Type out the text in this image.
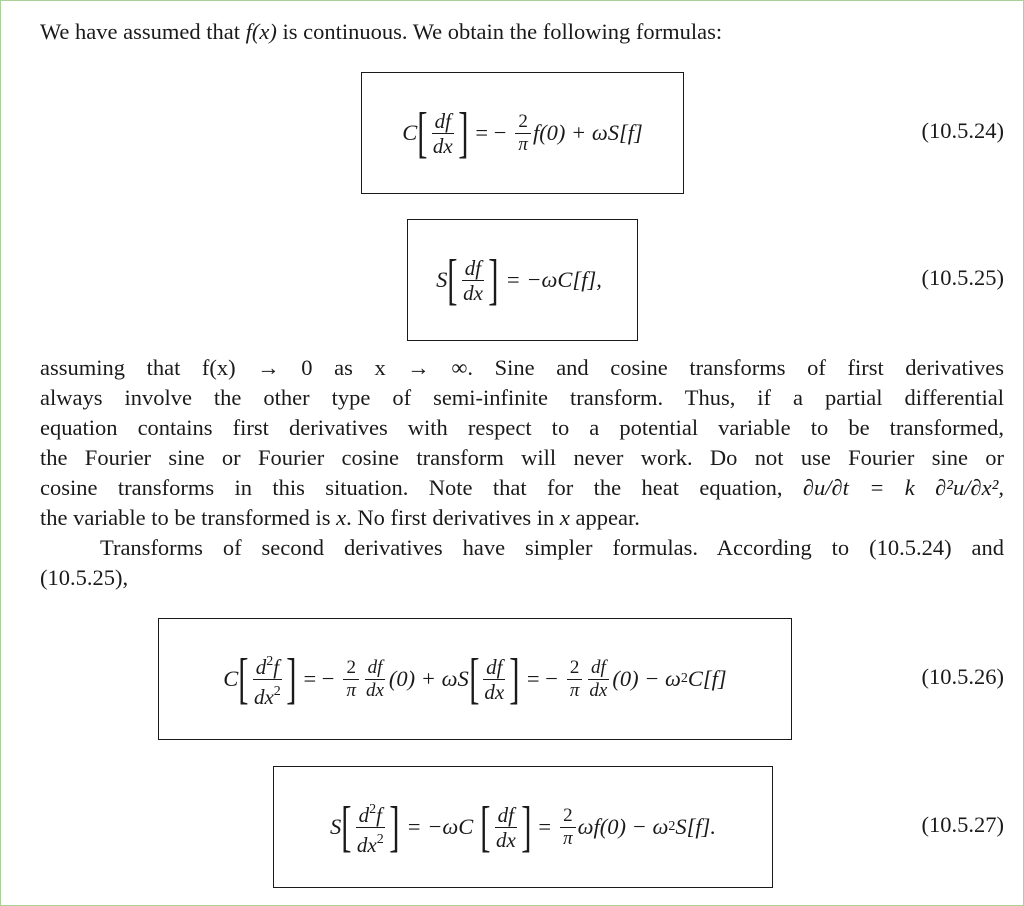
We have assumed that f(x) is continuous. We obtain the following formulas:

C [ $\frac{df}{dx}$ ] = − $\frac{2}{\pi} f(0) + \omega S[f]$	(10.5.24)
S [ $\frac{df}{dx}$ ] = −ωC[f],	(10.5.25)
assuming that f(x) → 0 as x → ∞. Sine and cosine transforms of first derivatives
always involve the other type of semi-infinite transform. Thus, if a partial differential
equation contains first derivatives with respect to a potential variable to be transformed,
the Fourier sine or Fourier cosine transform will never work. Do not use Fourier sine or
cosine transforms in this situation. Note that for the heat equation, ∂u/∂t = k ∂²u/∂x²,
the variable to be transformed is x. No first derivatives in x appear.
Transforms of second derivatives have simpler formulas. According to (10.5.24) and
(10.5.25),
C [ $\frac{d^2f}{dx^2}$ ] = − $\frac{2}{\pi} \frac{df}{dx} (0) + \omega S$ [ $\frac{df}{dx}$ ] = − $\frac{2}{\pi} \frac{df}{dx} (0) - \omega$ 2 C[f]	(10.5.26)
S [ $\frac{d^2f}{dx^2}$ ] = −ωC [ $\frac{df}{dx}$ ] = $\frac{2}{\pi} \omega f(0) - \omega$ 2 S[f].	(10.5.27)
